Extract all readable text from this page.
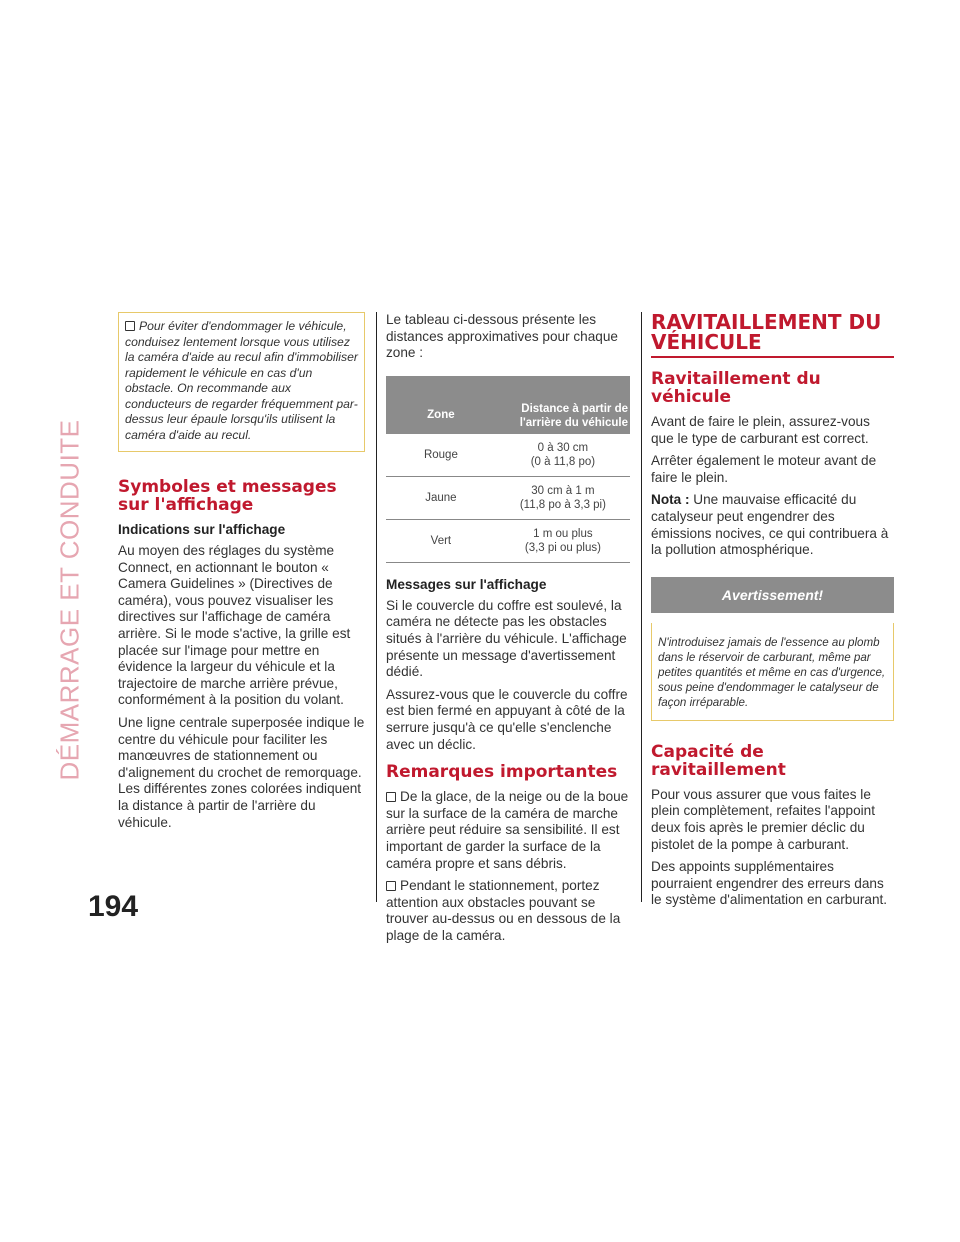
DÉMARRAGE ET CONDUITE
194
Pour éviter d'endommager le véhicule, conduisez lentement lorsque vous utilisez la caméra d'aide au recul afin d'immobiliser rapidement le véhicule en cas d'un obstacle. On recommande aux conducteurs de regarder fréquemment par-dessus leur épaule lorsqu'ils utilisent la caméra d'aide au recul.
Symboles et messages sur l'affichage
Indications sur l'affichage

Au moyen des réglages du système Connect, en actionnant le bouton « Camera Guidelines » (Directives de caméra), vous pouvez visualiser les directives sur l'affichage de caméra arrière. Si le mode s'active, la grille est placée sur l'image pour mettre en évidence la largeur du véhicule et la trajectoire de marche arrière prévue, conformément à la position du volant.

Une ligne centrale superposée indique le centre du véhicule pour faciliter les manœuvres de stationnement ou d'alignement du crochet de remorquage. Les différentes zones colorées indiquent la distance à partir de l'arrière du véhicule.

Le tableau ci-dessous présente les distances approximatives pour chaque zone :

Zone	Distance à partir de l'arrière du véhicule
Rouge	0 à 30 cm
(0 à 11,8 po)
Jaune	30 cm à 1 m
(11,8 po à 3,3 pi)
Vert	1 m ou plus
(3,3 pi ou plus)
Messages sur l'affichage

Si le couvercle du coffre est soulevé, la caméra ne détecte pas les obstacles situés à l'arrière du véhicule. L'affichage présente un message d'avertissement dédié.

Assurez-vous que le couvercle du coffre est bien fermé en appuyant à côté de la serrure jusqu'à ce qu'elle s'enclenche avec un déclic.

Remarques importantes

De la glace, de la neige ou de la boue sur la surface de la caméra de marche arrière peut réduire sa sensibilité. Il est important de garder la surface de la caméra propre et sans débris.

Pendant le stationnement, portez attention aux obstacles pouvant se trouver au-dessus ou en dessous de la plage de la caméra.

RAVITAILLEMENT DU VÉHICULE
Ravitaillement du véhicule

Avant de faire le plein, assurez-vous que le type de carburant est correct.

Arrêter également le moteur avant de faire le plein.

Nota : Une mauvaise efficacité du catalyseur peut engendrer des émissions nocives, ce qui contribuera à la pollution atmosphérique.

Avertissement!
N'introduisez jamais de l'essence au plomb dans le réservoir de carburant, même par petites quantités et même en cas d'urgence, sous peine d'endommager le catalyseur de façon irréparable.
Capacité de ravitaillement

Pour vous assurer que vous faites le plein complètement, refaites l'appoint deux fois après le premier déclic du pistolet de la pompe à carburant.

Des appoints supplémentaires pourraient engendrer des erreurs dans le système d'alimentation en carburant.
